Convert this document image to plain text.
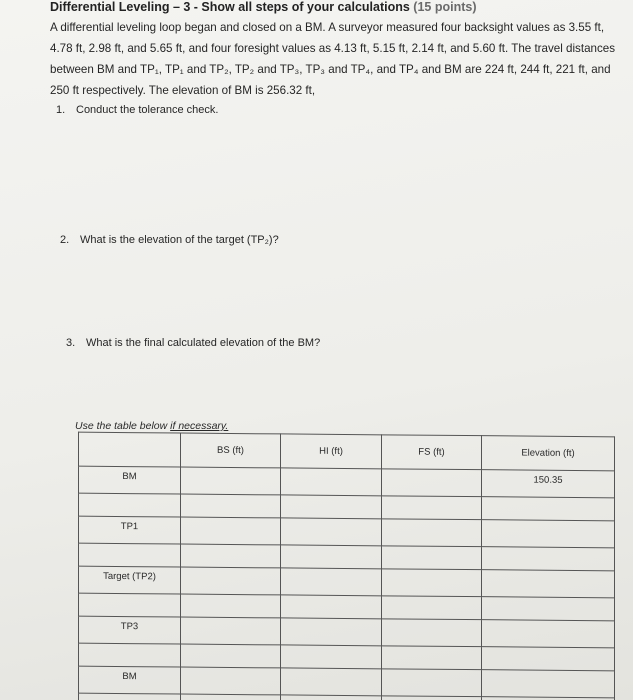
Differential Leveling – 3 - Show all steps of your calculations (15 points)
A differential leveling loop began and closed on a BM. A surveyor measured four backsight values as 3.55 ft, 4.78 ft, 2.98 ft, and 5.65 ft, and four foresight values as 4.13 ft, 5.15 ft, 2.14 ft, and 5.60 ft. The travel distances between BM and TP₁, TP₁ and TP₂, TP₂ and TP₃, TP₃ and TP₄, and TP₄ and BM are 224 ft, 244 ft, 221 ft, and 250 ft respectively. The elevation of BM is 256.32 ft,
1. Conduct the tolerance check.
2. What is the elevation of the target (TP₂)?
3. What is the final calculated elevation of the BM?
Use the table below if necessary.
	BS (ft)	HI (ft)	FS (ft)	Elevation (ft)
BM				150.35

TP1				

Target (TP2)				

TP3				

BM				
